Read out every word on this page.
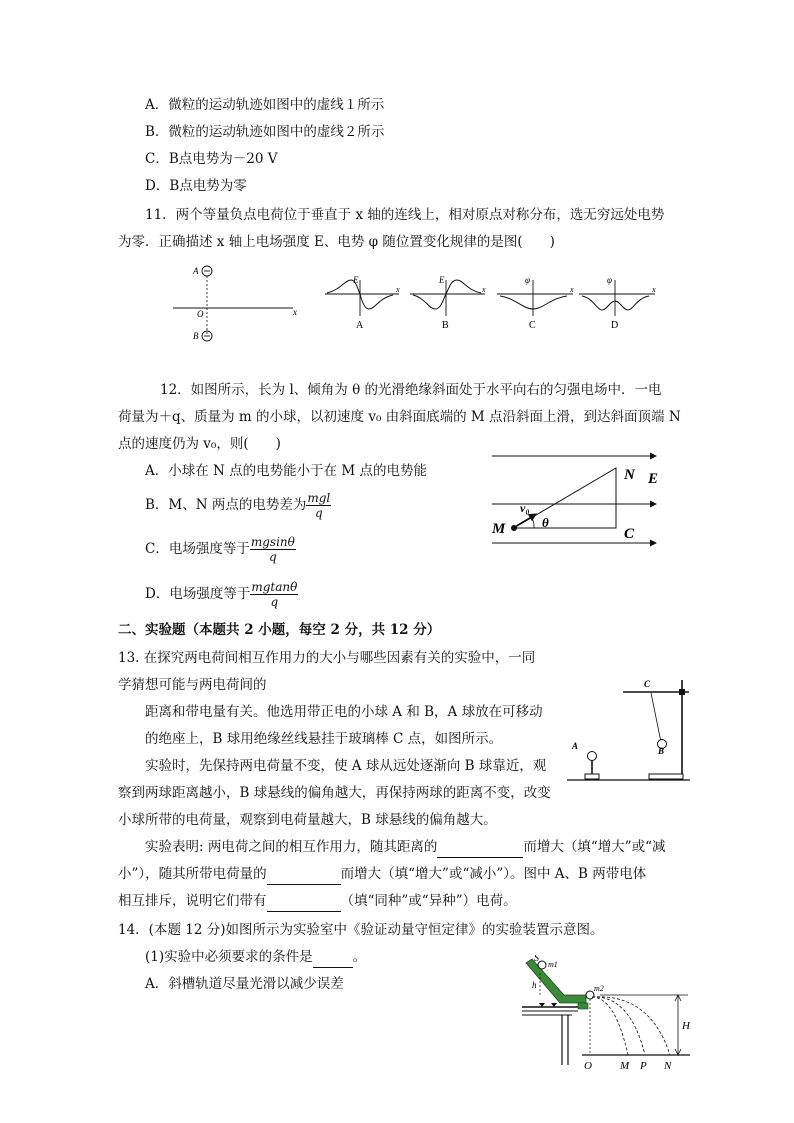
A．微粒的运动轨迹如图中的虚线１所示
B．微粒的运动轨迹如图中的虚线２所示
C．B点电势为－20 V
D．B点电势为零
11．两个等量负点电荷位于垂直于 x 轴的连线上，相对原点对称分布，选无穷远处电势
为零．正确描述 x 轴上电场强度 E、电势 φ 随位置变化规律的是图(　　)
A
B
O	x
E
x
A
E
x
B
φ
x
C
φ
x
D
12．如图所示，长为 l、倾角为 θ 的光滑绝缘斜面处于水平向右的匀强电场中．一电
荷量为＋q、质量为 m 的小球，以初速度 v₀ 由斜面底端的 M 点沿斜面上滑，到达斜面顶端 N
点的速度仍为 v₀，则(　　)
A．小球在 N 点的电势能小于在 M 点的电势能
B．M、N 两点的电势差为 $\frac{\text{mgl}}{q}$
C．电场强度等于 $\frac{mgsin\theta}{q}$
D．电场强度等于 $\frac{mgtan\theta}{q}$
M
v₀
θ
N E
C
二、实验题（本题共 2 小题，每空 2 分，共 12 分）
13. 在探究两电荷间相互作用力的大小与哪些因素有关的实验中，一同
学猜想可能与两电荷间的
距离和带电量有关。他选用带正电的小球 A 和 B，A 球放在可移动
的绝座上，B 球用绝缘丝线悬挂于玻璃棒 C 点，如图所示。
实验时，先保持两电荷量不变，使 A 球从远处逐渐向 B 球靠近，观
察到两球距离越小，B 球悬线的偏角越大，再保持两球的距离不变，改变
小球所带的电荷量，观察到电荷量越大，B 球悬线的偏角越大。
实验表明: 两电荷之间的相互作用力，随其距离的	而增大（填“增大”或“减
小”），随其所带电荷量的	而增大（填“增大”或“减小”）。图中 A、B 两带电体
相互排斥，说明它们带有	（填“同种”或“异种”）电荷。
A	B
C
14．(本题 12 分)如图所示为实验室中《验证动量守恒定律》的实验装置示意图。
(1)实验中必须要求的条件是	。
A．斜槽轨道尽量光滑以减少误差
S
m1
m2
h
H
O	M P N
